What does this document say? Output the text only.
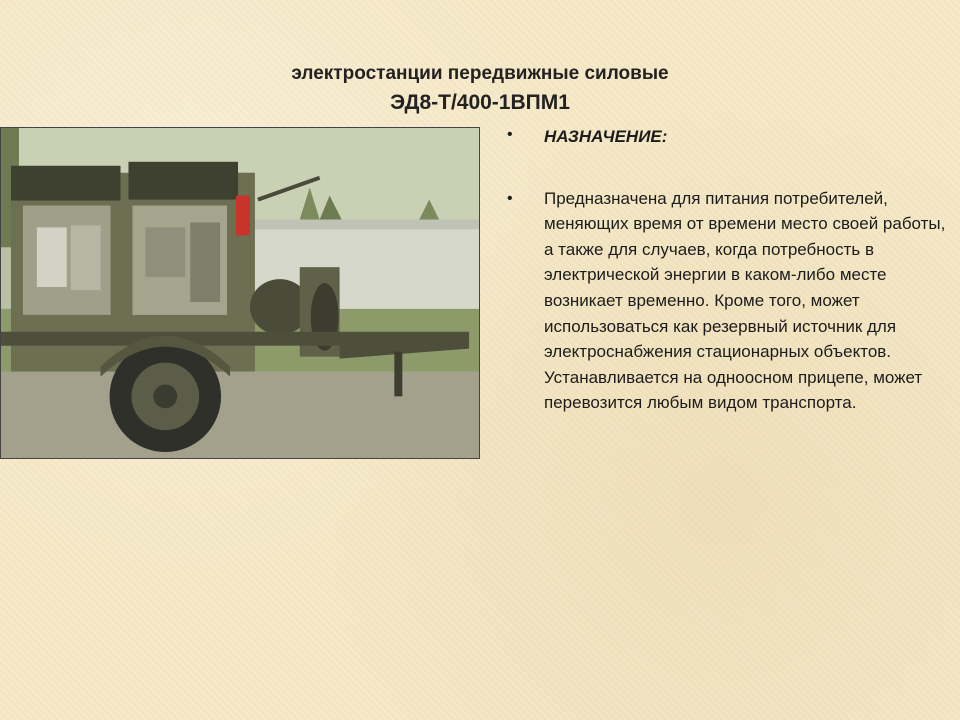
электростанции передвижные силовые
ЭД8-Т/400-1ВПМ1
•	НАЗНАЧЕНИЕ:
•	Предназначена для питания потребителей, меняющих время от времени место своей работы, а также для случаев, когда потребность в электрической энергии в каком-либо месте возникает временно. Кроме того, может использоваться как резервный источник для электроснабжения стационарных объектов. Устанавливается на одноосном прицепе, может перевозится любым видом транспорта.
